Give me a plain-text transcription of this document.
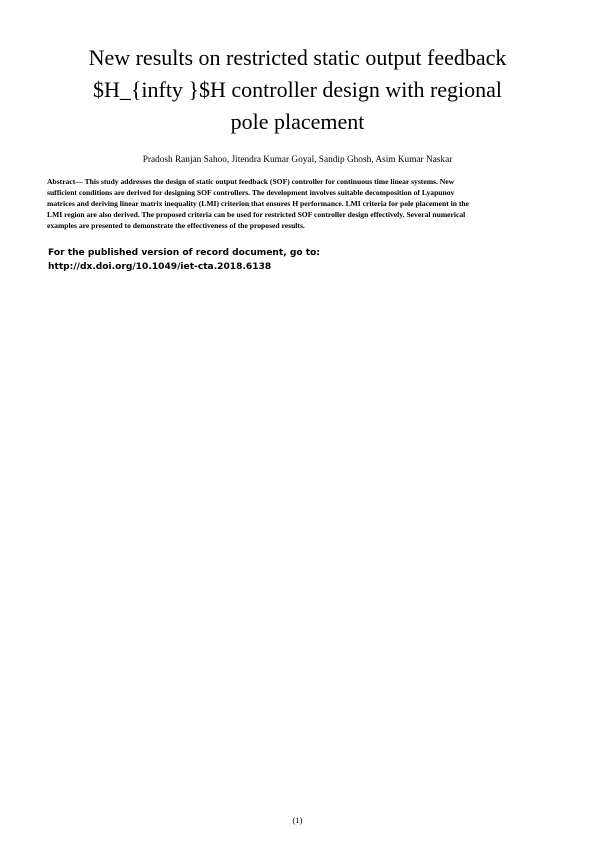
New results on restricted static output feedback
$H_{infty }$H controller design with regional
pole placement
Pradosh Ranjan Sahoo, Jitendra Kumar Goyal, Sandip Ghosh, Asim Kumar Naskar

Abstract— This study addresses the design of static output feedback (SOF) controller for continuous time linear systems. New
sufficient conditions are derived for designing SOF controllers. The development involves suitable decomposition of Lyapunov
matrices and deriving linear matrix inequality (LMI) criterion that ensures H performance. LMI criteria for pole placement in the
LMI region are also derived. The proposed criteria can be used for restricted SOF controller design effectively. Several numerical
examples are presented to demonstrate the effectiveness of the proposed results.

For the published version of record document, go to:
http://dx.doi.org/10.1049/iet-cta.2018.6138
(1)
